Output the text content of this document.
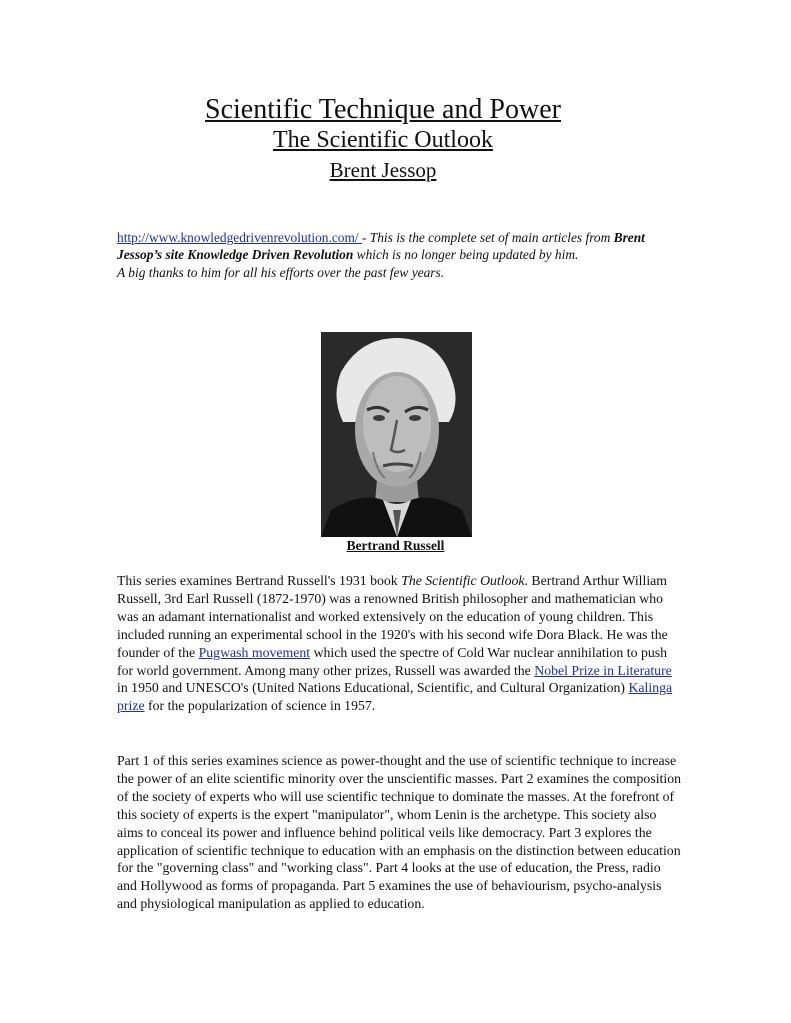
Scientific Technique and Power
The Scientific Outlook
Brent Jessop

http://www.knowledgedrivenrevolution.com/ - This is the complete set of main articles from Brent Jessop’s site Knowledge Driven Revolution which is no longer being updated by him.
A big thanks to him for all his efforts over the past few years.

Bertrand Russell

This series examines Bertrand Russell's 1931 book The Scientific Outlook. Bertrand Arthur William Russell, 3rd Earl Russell (1872-1970) was a renowned British philosopher and mathematician who was an adamant internationalist and worked extensively on the education of young children. This included running an experimental school in the 1920's with his second wife Dora Black. He was the founder of the Pugwash movement which used the spectre of Cold War nuclear annihilation to push for world government. Among many other prizes, Russell was awarded the Nobel Prize in Literature in 1950 and UNESCO's (United Nations Educational, Scientific, and Cultural Organization) Kalinga prize for the popularization of science in 1957.

Part 1 of this series examines science as power-thought and the use of scientific technique to increase the power of an elite scientific minority over the unscientific masses. Part 2 examines the composition of the society of experts who will use scientific technique to dominate the masses. At the forefront of this society of experts is the expert "manipulator", whom Lenin is the archetype. This society also aims to conceal its power and influence behind political veils like democracy. Part 3 explores the application of scientific technique to education with an emphasis on the distinction between education for the "governing class" and "working class". Part 4 looks at the use of education, the Press, radio and Hollywood as forms of propaganda. Part 5 examines the use of behaviourism, psycho-analysis and physiological manipulation as applied to education.
